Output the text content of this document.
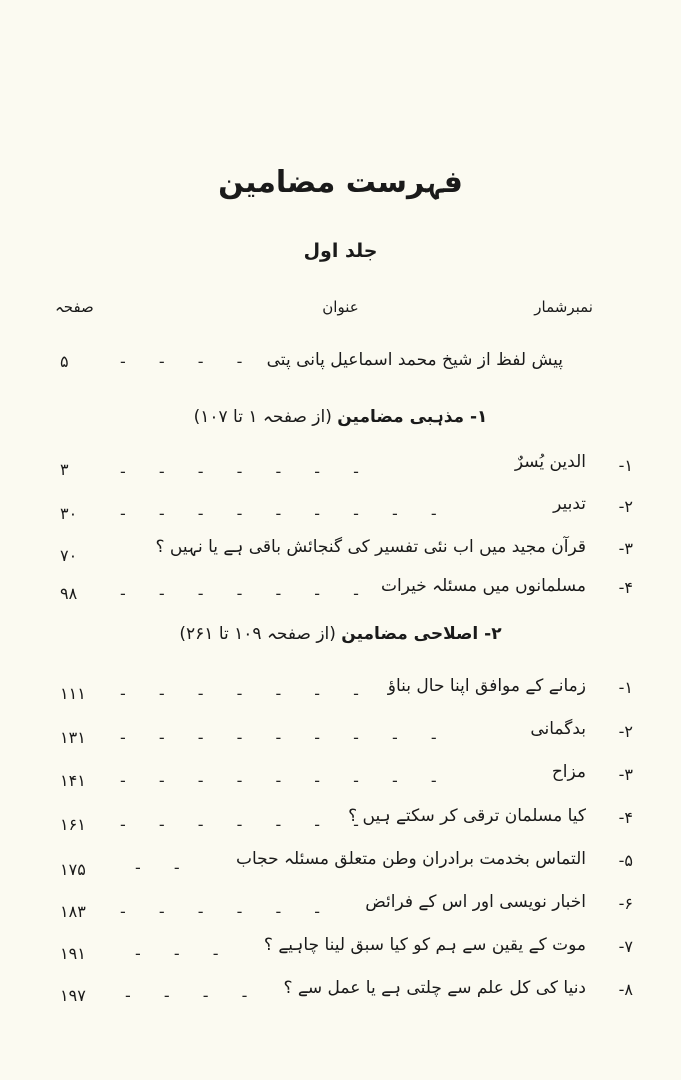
فہرست مضامین
جلد اول
نمبرشمار
عنوان
صفحہ
پیش لفظ از شیخ محمد اسماعیل پانی پتی
- - - -
۵
۱- مذہبی مضامین (از صفحہ ۱ تا ۱۰۷)
۱-
الدین یُسرٌ
- - - - - - -
۳
۲-
تدبیر
- - - - - - - - -
۳۰
۳-
قرآن مجید میں اب نئی تفسیر کی گنجائش باقی ہے یا نہیں ؟
۷۰
۴-
مسلمانوں میں مسئلہ خیرات
- - - - - - -
۹۸
۲- اصلاحی مضامین (از صفحہ ۱۰۹ تا ۲۶۱)
۱-
زمانے کے موافق اپنا حال بناؤ
- - - - - - -
۱۱۱
۲-
بدگمانی
- - - - - - - - -
۱۳۱
۳-
مزاح
- - - - - - - - -
۱۴۱
۴-
کیا مسلمان ترقی کر سکتے ہیں ؟
- - - - - - -
۱۶۱
۵-
التماس بخدمت برادران وطن متعلق مسئلہ حجاب
- -
۱۷۵
۶-
اخبار نویسی اور اس کے فرائض
- - - - - -
۱۸۳
۷-
موت کے یقین سے ہم کو کیا سبق لینا چاہیے ؟
- - -
۱۹۱
۸-
دنیا کی کل علم سے چلتی ہے یا عمل سے ؟
- - - -
۱۹۷
